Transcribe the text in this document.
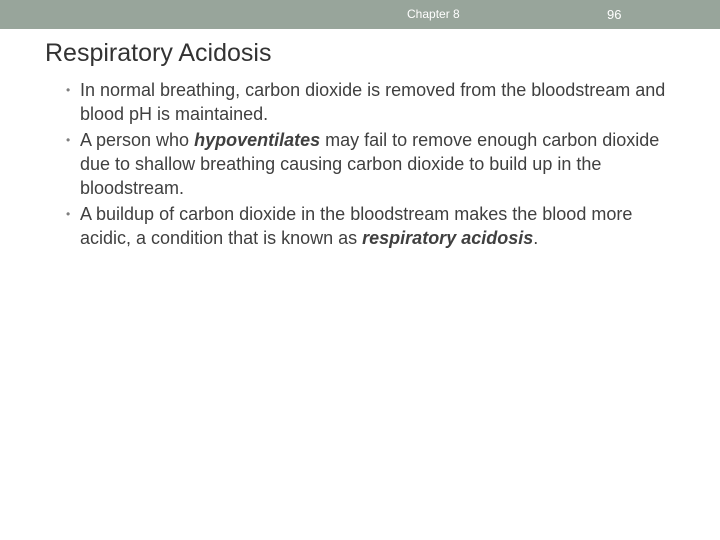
Chapter 8	96
Respiratory Acidosis
• In normal breathing, carbon dioxide is removed from the bloodstream and blood pH is maintained.
• A person who hypoventilates may fail to remove enough carbon dioxide due to shallow breathing causing carbon dioxide to build up in the bloodstream.
• A buildup of carbon dioxide in the bloodstream makes the blood more acidic, a condition that is known as respiratory acidosis.
